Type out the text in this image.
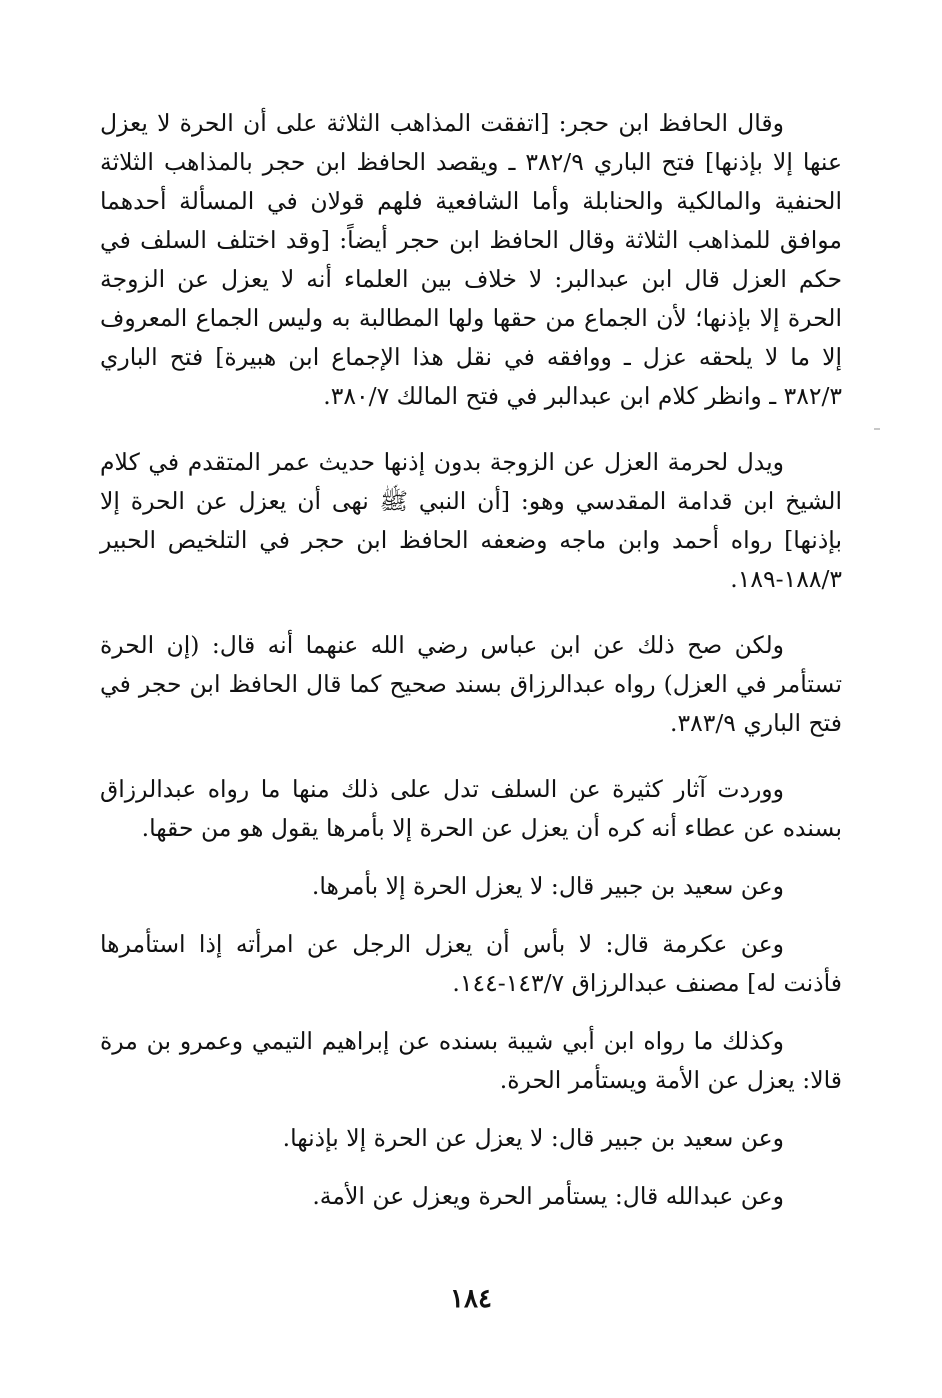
وقال الحافظ ابن حجر: [اتفقت المذاهب الثلاثة على أن الحرة لا يعزل عنها إلا بإذنها] فتح الباري ٣٨٢/٩ ـ ويقصد الحافظ ابن حجر بالمذاهب الثلاثة الحنفية والمالكية والحنابلة وأما الشافعية فلهم قولان في المسألة أحدهما موافق للمذاهب الثلاثة وقال الحافظ ابن حجر أيضاً: [وقد اختلف السلف في حكم العزل قال ابن عبدالبر: لا خلاف بين العلماء أنه لا يعزل عن الزوجة الحرة إلا بإذنها؛ لأن الجماع من حقها ولها المطالبة به وليس الجماع المعروف إلا ما لا يلحقه عزل ـ ووافقه في نقل هذا الإجماع ابن هبيرة] فتح الباري ٣٨٢/٣ ـ وانظر كلام ابن عبدالبر في فتح المالك ٣٨٠/٧.

ويدل لحرمة العزل عن الزوجة بدون إذنها حديث عمر المتقدم في كلام الشيخ ابن قدامة المقدسي وهو: [أن النبي ﷺ نهى أن يعزل عن الحرة إلا بإذنها] رواه أحمد وابن ماجه وضعفه الحافظ ابن حجر في التلخيص الحبير ١٨٨/٣-١٨٩.

ولكن صح ذلك عن ابن عباس رضي الله عنهما أنه قال: (إن الحرة تستأمر في العزل) رواه عبدالرزاق بسند صحيح كما قال الحافظ ابن حجر في فتح الباري ٣٨٣/٩.

ووردت آثار كثيرة عن السلف تدل على ذلك منها ما رواه عبدالرزاق بسنده عن عطاء أنه كره أن يعزل عن الحرة إلا بأمرها يقول هو من حقها.

وعن سعيد بن جبير قال: لا يعزل الحرة إلا بأمرها.

وعن عكرمة قال: لا بأس أن يعزل الرجل عن امرأته إذا استأمرها فأذنت له] مصنف عبدالرزاق ١٤٣/٧-١٤٤.

وكذلك ما رواه ابن أبي شيبة بسنده عن إبراهيم التيمي وعمرو بن مرة قالا: يعزل عن الأمة ويستأمر الحرة.

وعن سعيد بن جبير قال: لا يعزل عن الحرة إلا بإذنها.

وعن عبدالله قال: يستأمر الحرة ويعزل عن الأمة.

١٨٤
